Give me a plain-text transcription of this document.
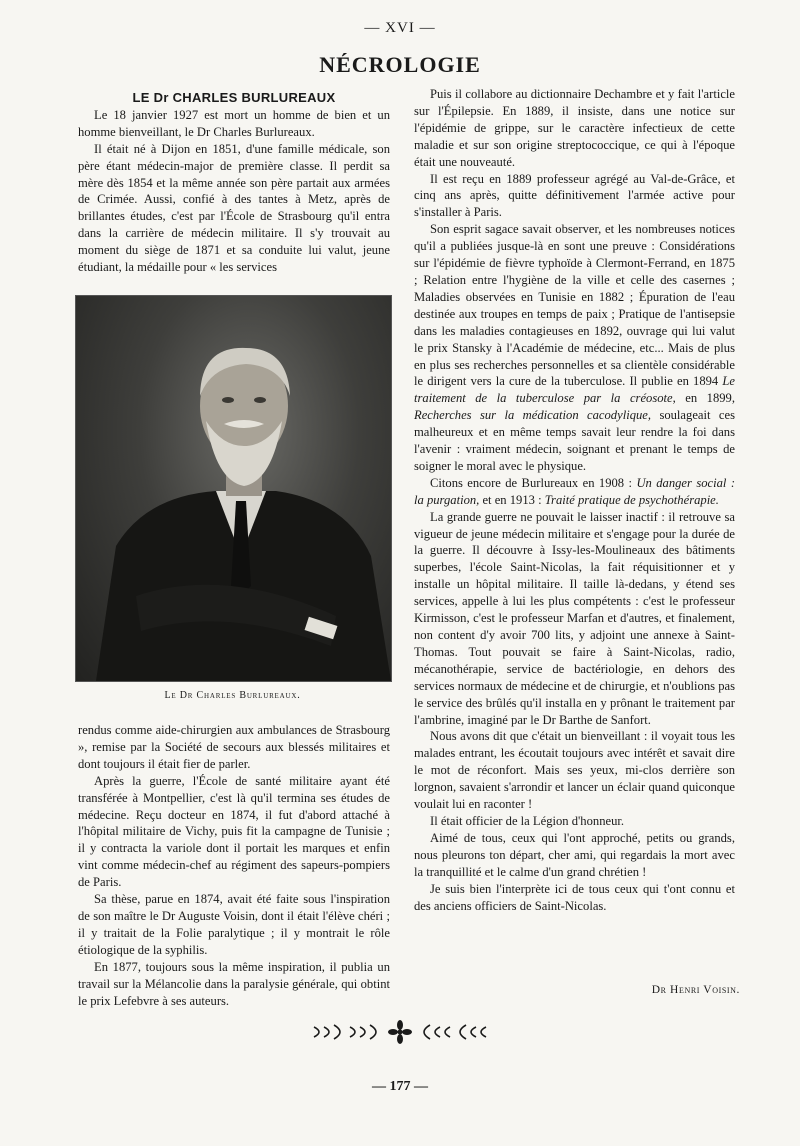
— XVI —
NÉCROLOGIE

LE Dr CHARLES BURLUREAUX

Le 18 janvier 1927 est mort un homme de bien et un homme bienveillant, le Dr Charles Burlureaux.

Il était né à Dijon en 1851, d'une famille médicale, son père étant médecin-major de première classe. Il perdit sa mère dès 1854 et la même année son père partait aux armées de Crimée. Aussi, confié à des tantes à Metz, après de brillantes études, c'est par l'École de Strasbourg qu'il entra dans la carrière de médecin militaire. Il s'y trouvait au moment du siège de 1871 et sa conduite lui valut, jeune étudiant, la médaille pour « les services

Le Dr Charles Burlureaux.

rendus comme aide-chirurgien aux ambulances de Strasbourg », remise par la Société de secours aux blessés militaires et dont toujours il était fier de parler.

Après la guerre, l'École de santé militaire ayant été transférée à Montpellier, c'est là qu'il termina ses études de médecine. Reçu docteur en 1874, il fut d'abord attaché à l'hôpital militaire de Vichy, puis fit la campagne de Tunisie ; il y contracta la variole dont il portait les marques et enfin vint comme médecin-chef au régiment des sapeurs-pompiers de Paris.

Sa thèse, parue en 1874, avait été faite sous l'inspiration de son maître le Dr Auguste Voisin, dont il était l'élève chéri ; il y traitait de la Folie paralytique ; il y montrait le rôle étiologique de la syphilis.

En 1877, toujours sous la même inspiration, il publia un travail sur la Mélancolie dans la paralysie générale, qui obtint le prix Lefebvre à ses auteurs.

Puis il collabore au dictionnaire Dechambre et y fait l'article sur l'Épilepsie. En 1889, il insiste, dans une notice sur l'épidémie de grippe, sur le caractère infectieux de cette maladie et sur son origine streptococcique, ce qui à l'époque était une nouveauté.

Il est reçu en 1889 professeur agrégé au Val-de-Grâce, et cinq ans après, quitte définitivement l'armée active pour s'installer à Paris.

Son esprit sagace savait observer, et les nombreuses notices qu'il a publiées jusque-là en sont une preuve : Considérations sur l'épidémie de fièvre typhoïde à Clermont-Ferrand, en 1875 ; Relation entre l'hygiène de la ville et celle des casernes ; Maladies observées en Tunisie en 1882 ; Épuration de l'eau destinée aux troupes en temps de paix ; Pratique de l'antisepsie dans les maladies contagieuses en 1892, ouvrage qui lui valut le prix Stansky à l'Académie de médecine, etc... Mais de plus en plus ses recherches personnelles et sa clientèle considérable le dirigent vers la cure de la tuberculose. Il publie en 1894 Le traitement de la tuberculose par la créosote, en 1899, Recherches sur la médication cacodylique, soulageait ces malheureux et en même temps savait leur rendre la foi dans l'avenir : vraiment médecin, soignant et prenant le temps de soigner le moral avec le physique.

Citons encore de Burlureaux en 1908 : Un danger social : la purgation, et en 1913 : Traité pratique de psychothérapie.

La grande guerre ne pouvait le laisser inactif : il retrouve sa vigueur de jeune médecin militaire et s'engage pour la durée de la guerre. Il découvre à Issy-les-Moulineaux des bâtiments superbes, l'école Saint-Nicolas, la fait réquisitionner et y installe un hôpital militaire. Il taille là-dedans, y étend ses services, appelle à lui les plus compétents : c'est le professeur Kirmisson, c'est le professeur Marfan et d'autres, et finalement, non content d'y avoir 700 lits, y adjoint une annexe à Saint-Thomas. Tout pouvait se faire à Saint-Nicolas, radio, mécanothérapie, service de bactériologie, en dehors des services normaux de médecine et de chirurgie, et n'oublions pas le service des brûlés qu'il installa en y prônant le traitement par l'ambrine, imaginé par le Dr Barthe de Sanfort.

Nous avons dit que c'était un bienveillant : il voyait tous les malades entrant, les écoutait toujours avec intérêt et savait dire le mot de réconfort. Mais ses yeux, mi-clos derrière son lorgnon, savaient s'arrondir et lancer un éclair quand quiconque voulait lui en raconter !

Il était officier de la Légion d'honneur.

Aimé de tous, ceux qui l'ont approché, petits ou grands, nous pleurons ton départ, cher ami, qui regardais la mort avec la tranquillité et le calme d'un grand chrétien !

Je suis bien l'interprète ici de tous ceux qui t'ont connu et des anciens officiers de Saint-Nicolas.

Dr Henri Voisin.
— 177 —
